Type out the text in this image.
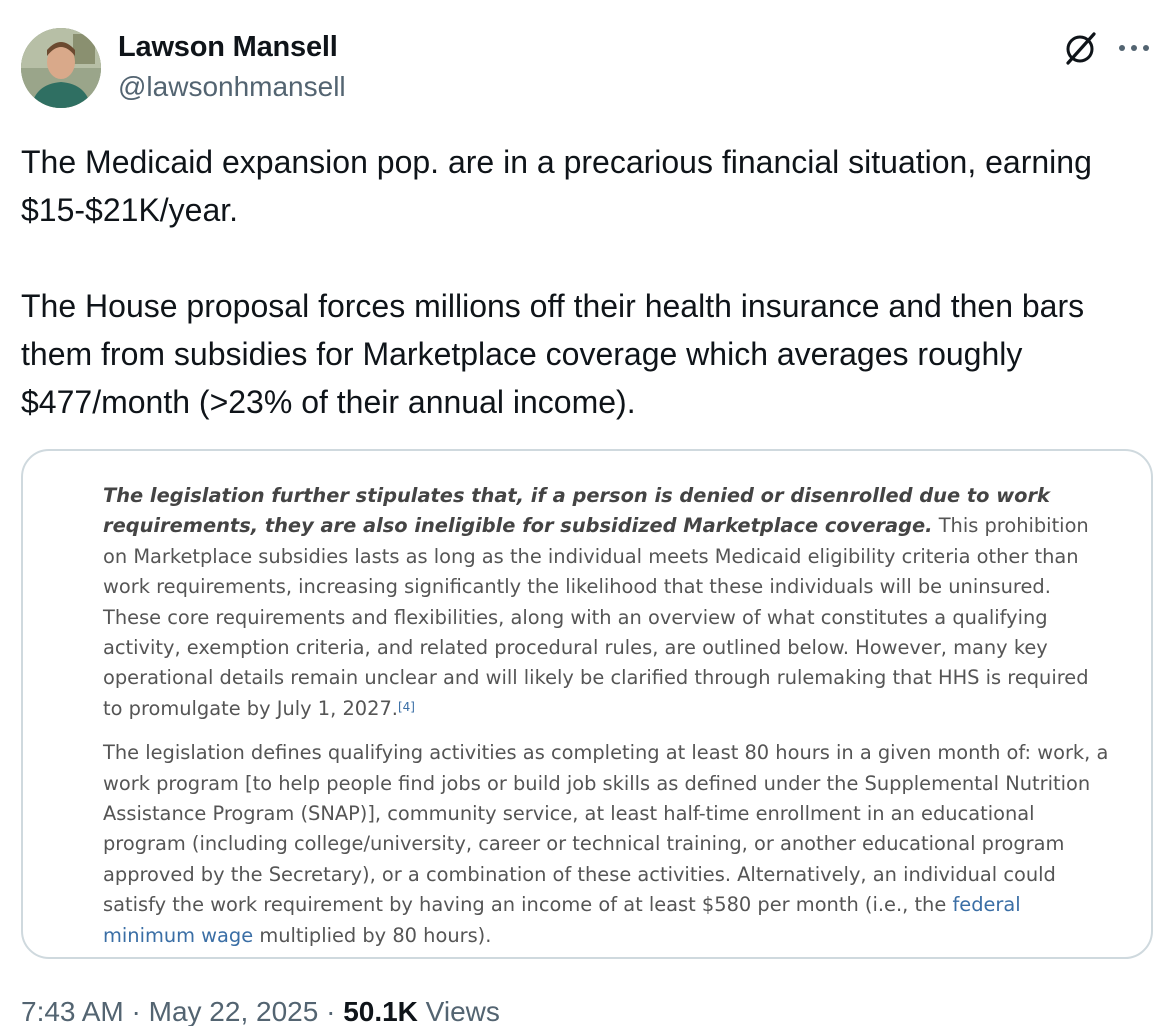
Lawson Mansell
@lawsonhmansell

The Medicaid expansion pop. are in a precarious financial situation, earning $15-$21K/year.

The House proposal forces millions off their health insurance and then bars them from subsidies for Marketplace coverage which averages roughly $477/month (>23% of their annual income).

The legislation further stipulates that, if a person is denied or disenrolled due to work requirements, they are also ineligible for subsidized Marketplace coverage. This prohibition on Marketplace subsidies lasts as long as the individual meets Medicaid eligibility criteria other than work requirements, increasing significantly the likelihood that these individuals will be uninsured. These core requirements and flexibilities, along with an overview of what constitutes a qualifying activity, exemption criteria, and related procedural rules, are outlined below. However, many key operational details remain unclear and will likely be clarified through rulemaking that HHS is required to promulgate by July 1, 2027.[4]

The legislation defines qualifying activities as completing at least 80 hours in a given month of: work, a work program [to help people find jobs or build job skills as defined under the Supplemental Nutrition Assistance Program (SNAP)], community service, at least half-time enrollment in an educational program (including college/university, career or technical training, or another educational program approved by the Secretary), or a combination of these activities. Alternatively, an individual could satisfy the work requirement by having an income of at least $580 per month (i.e., the federal minimum wage multiplied by 80 hours).

7:43 AM · May 22, 2025 · 50.1K Views
